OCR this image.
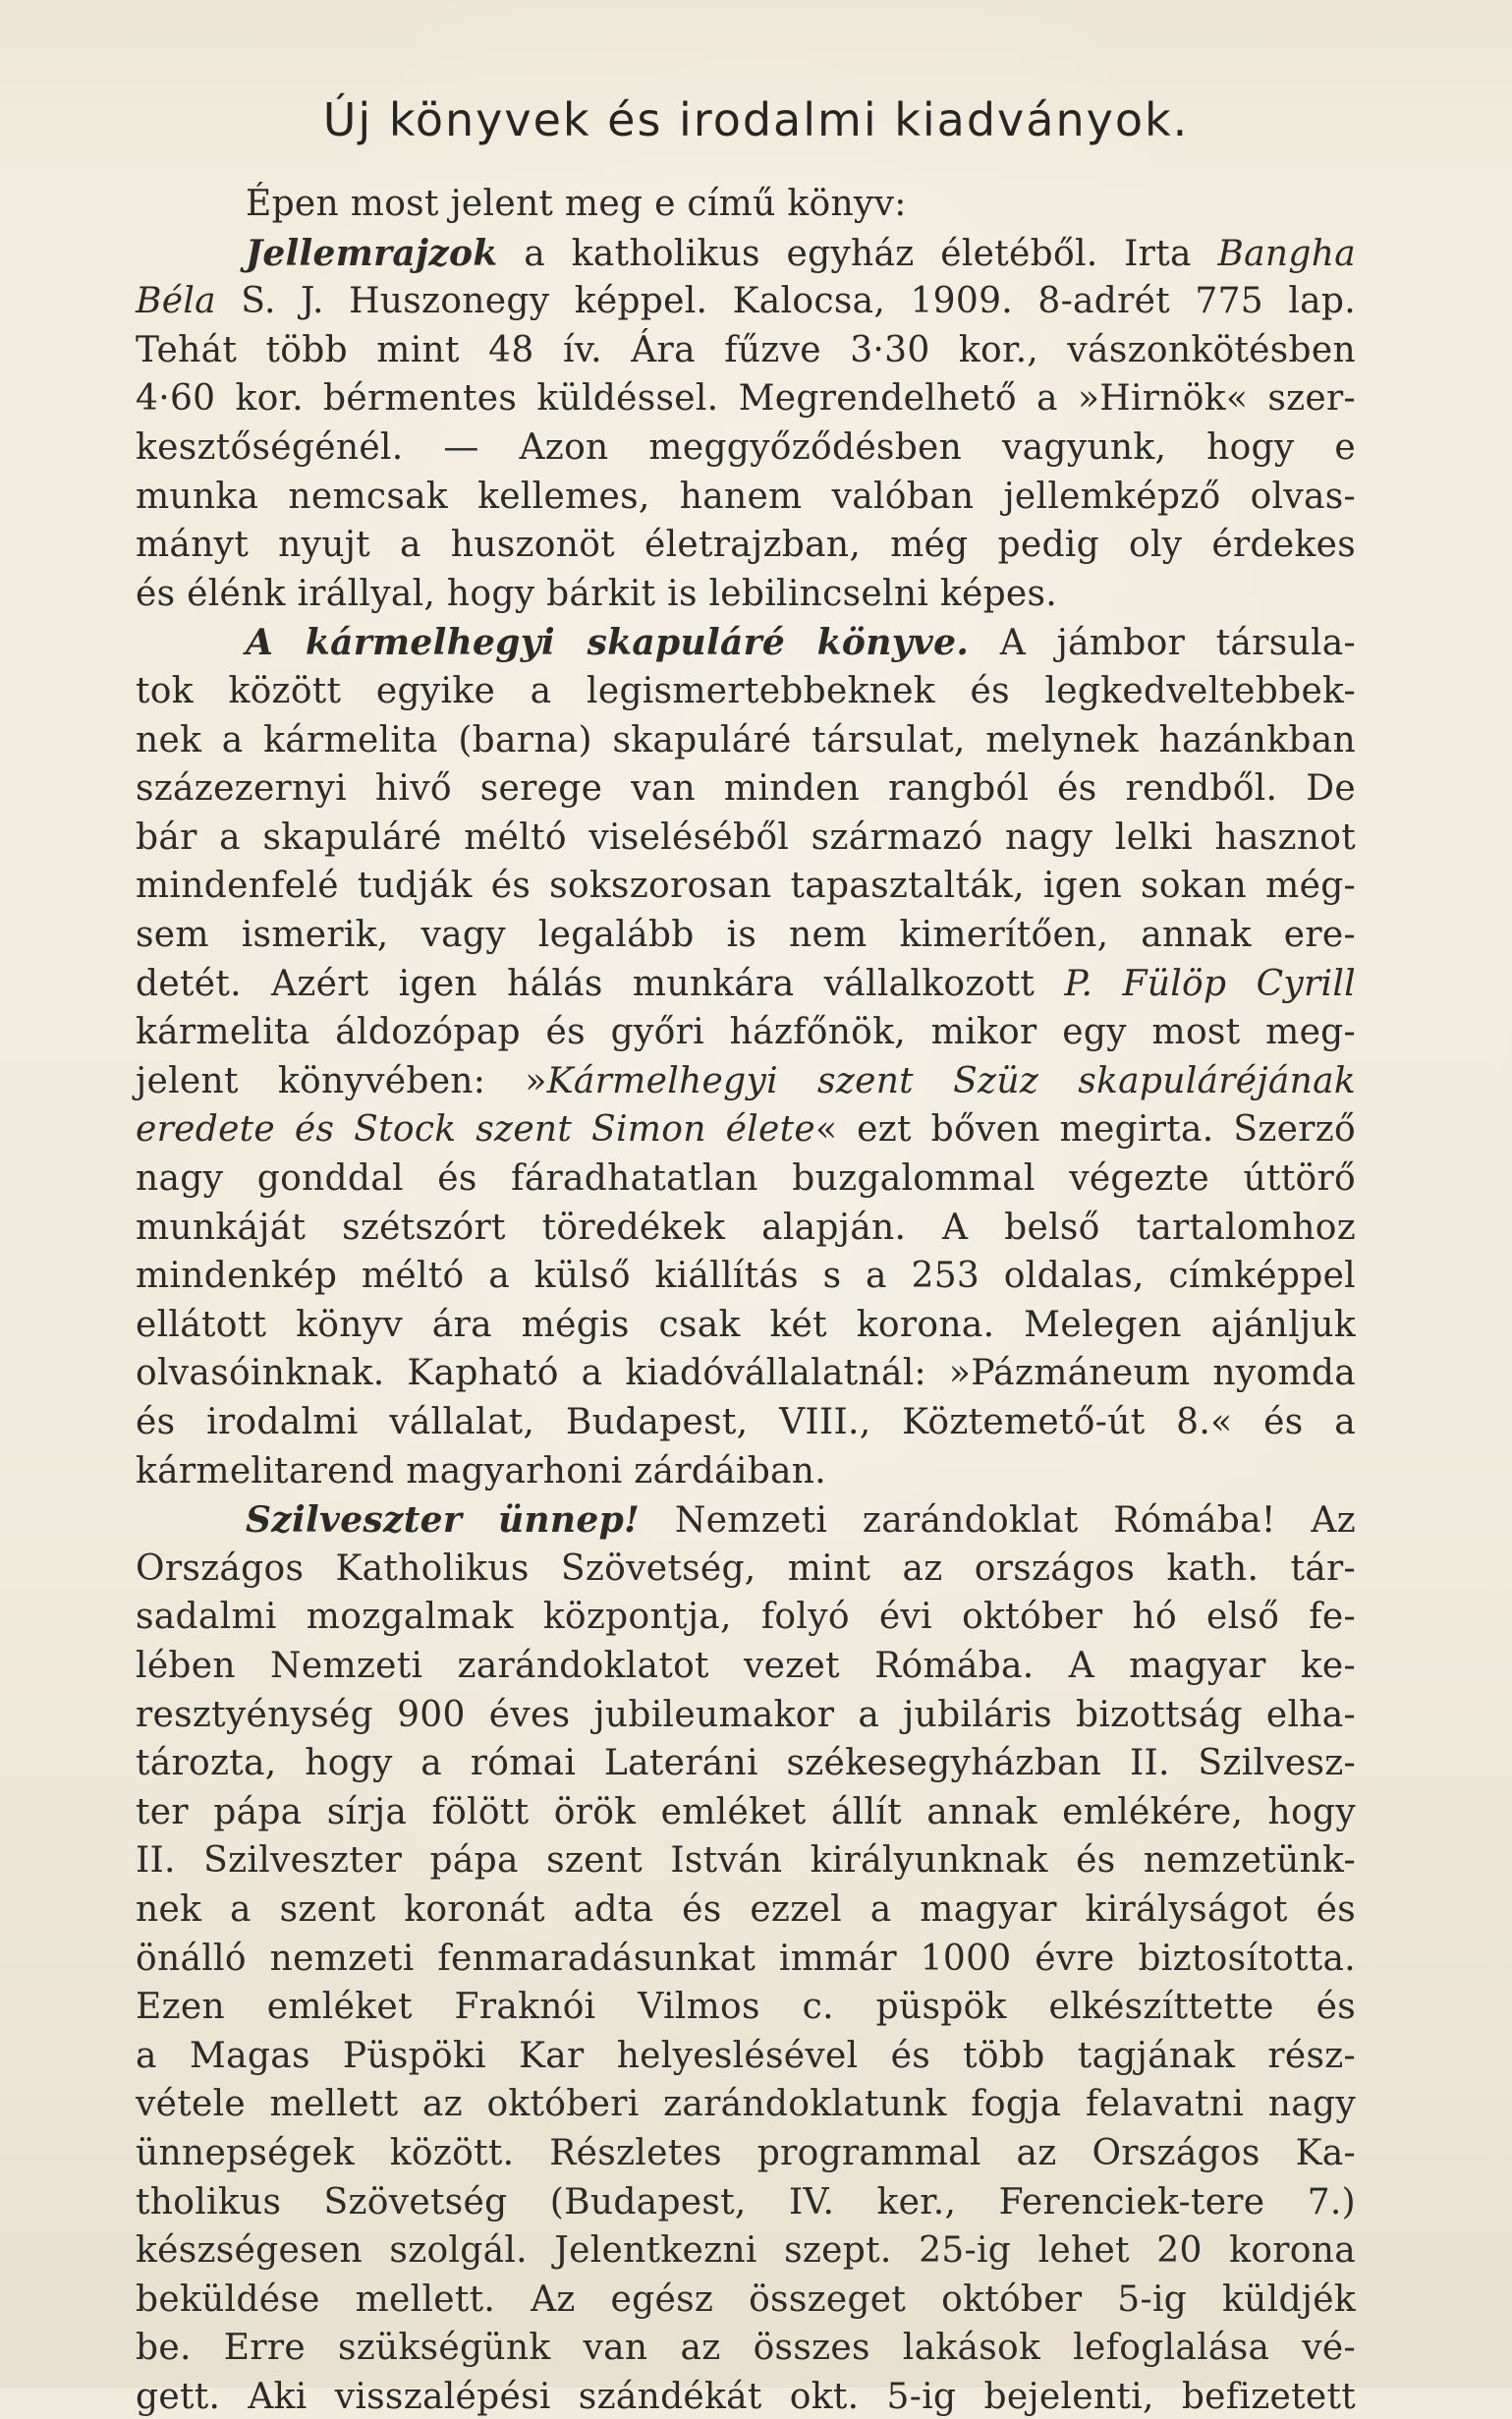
Új könyvek és irodalmi kiadványok.
Épen most jelent meg e című könyv:
Jellemrajzok a katholikus egyház életéből. Irta Bangha
Béla S. J. Huszonegy képpel. Kalocsa, 1909. 8-adrét 775 lap.
Tehát több mint 48 ív. Ára fűzve 3·30 kor., vászonkötésben
4·60 kor. bérmentes küldéssel. Megrendelhető a »Hirnök« szer-
kesztőségénél. — Azon meggyőződésben vagyunk, hogy e
munka nemcsak kellemes, hanem valóban jellemképző olvas-
mányt nyujt a huszonöt életrajzban, még pedig oly érdekes
és élénk irállyal, hogy bárkit is lebilincselni képes.
A kármelhegyi skapuláré könyve. A jámbor társula-
tok között egyike a legismertebbeknek és legkedveltebbek-
nek a kármelita (barna) skapuláré társulat, melynek hazánkban
százezernyi hivő serege van minden rangból és rendből. De
bár a skapuláré méltó viseléséből származó nagy lelki hasznot
mindenfelé tudják és sokszorosan tapasztalták, igen sokan még-
sem ismerik, vagy legalább is nem kimerítően, annak ere-
detét. Azért igen hálás munkára vállalkozott P. Fülöp Cyrill
kármelita áldozópap és győri házfőnök, mikor egy most meg-
jelent könyvében: »Kármelhegyi szent Szüz skapuláréjának
eredete és Stock szent Simon élete« ezt bőven megirta. Szerző
nagy gonddal és fáradhatatlan buzgalommal végezte úttörő
munkáját szétszórt töredékek alapján. A belső tartalomhoz
mindenkép méltó a külső kiállítás s a 253 oldalas, címképpel
ellátott könyv ára mégis csak két korona. Melegen ajánljuk
olvasóinknak. Kapható a kiadóvállalatnál: »Pázmáneum nyomda
és irodalmi vállalat, Budapest, VIII., Köztemető-út 8.« és a
kármelitarend magyarhoni zárdáiban.
Szilveszter ünnep! Nemzeti zarándoklat Rómába! Az
Országos Katholikus Szövetség, mint az országos kath. tár-
sadalmi mozgalmak központja, folyó évi október hó első fe-
lében Nemzeti zarándoklatot vezet Rómába. A magyar ke-
resztyénység 900 éves jubileumakor a jubiláris bizottság elha-
tározta, hogy a római Lateráni székesegyházban II. Szilvesz-
ter pápa sírja fölött örök emléket állít annak emlékére, hogy
II. Szilveszter pápa szent István királyunknak és nemzetünk-
nek a szent koronát adta és ezzel a magyar királyságot és
önálló nemzeti fenmaradásunkat immár 1000 évre biztosította.
Ezen emléket Fraknói Vilmos c. püspök elkészíttette és
a Magas Püspöki Kar helyeslésével és több tagjának rész-
vétele mellett az októberi zarándoklatunk fogja felavatni nagy
ünnepségek között. Részletes programmal az Országos Ka-
tholikus Szövetség (Budapest, IV. ker., Ferenciek-tere 7.)
készségesen szolgál. Jelentkezni szept. 25-ig lehet 20 korona
beküldése mellett. Az egész összeget október 5-ig küldjék
be. Erre szükségünk van az összes lakások lefoglalása vé-
gett. Aki visszalépési szándékát okt. 5-ig bejelenti, befizetett
